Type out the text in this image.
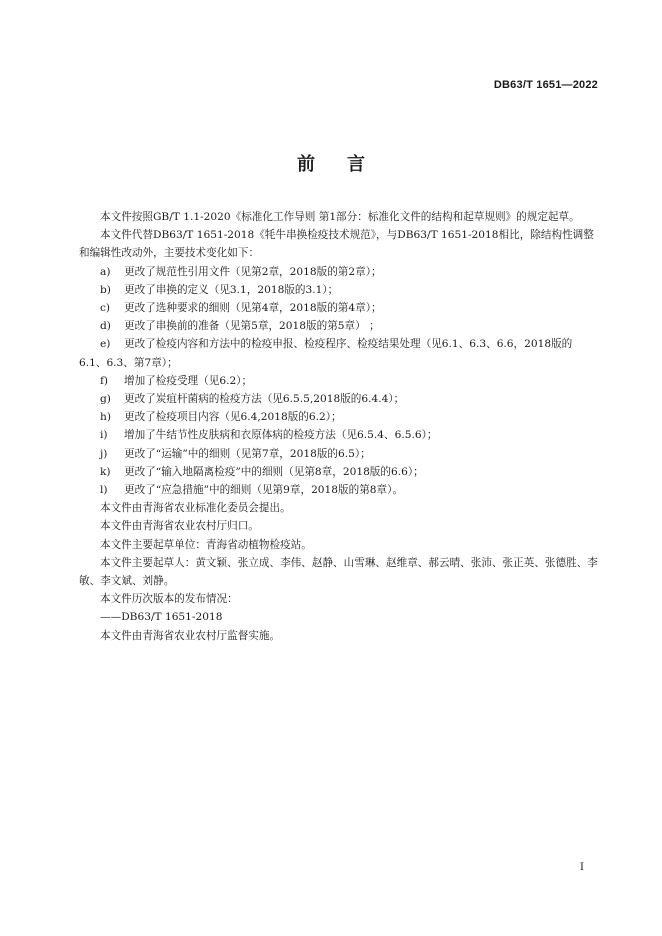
DB63/T 1651—2022
前言

本文件按照GB/T 1.1-2020《标准化工作导则 第1部分：标准化文件的结构和起草规则》的规定起草。

本文件代替DB63/T 1651-2018《牦牛串换检疫技术规范》，与DB63/T 1651-2018相比，除结构性调整和编辑性改动外，主要技术变化如下：

a) 更改了规范性引用文件（见第2章，2018版的第2章）；

b) 更改了串换的定义（见3.1，2018版的3.1）；

c) 更改了选种要求的细则（见第4章，2018版的第4章）；

d) 更改了串换前的准备（见第5章，2018版的第5章） ；

e) 更改了检疫内容和方法中的检疫申报、检疫程序、检疫结果处理（见6.1、6.3、6.6，2018版的6.1、6.3、第7章）；

f) 增加了检疫受理（见6.2）；

g) 更改了炭疽杆菌病的检疫方法（见6.5.5,2018版的6.4.4）；

h) 更改了检疫项目内容（见6.4,2018版的6.2）；

i) 增加了牛结节性皮肤病和衣原体病的检疫方法（见6.5.4、6.5.6）；

j) 更改了“运输”中的细则（见第7章，2018版的6.5）；

k) 更改了“输入地隔离检疫”中的细则（见第8章，2018版的6.6）；

l) 更改了“应急措施”中的细则（见第9章，2018版的第8章）。

本文件由青海省农业标准化委员会提出。

本文件由青海省农业农村厅归口。

本文件主要起草单位：青海省动植物检疫站。

本文件主要起草人：黄文颖、张立成、李伟、赵静、山雪琳、赵维章、郝云晴、张沛、张正英、张德胜、李敏、李文斌、刘静。

本文件历次版本的发布情况：

——DB63/T 1651-2018

本文件由青海省农业农村厅监督实施。

I
